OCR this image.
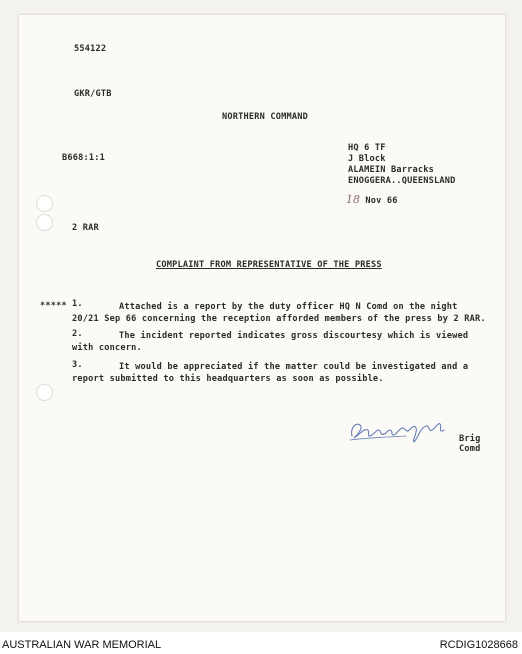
554122
GKR/GTB
NORTHERN COMMAND
B668:1:1
HQ 6 TF
J Block
ALAMEIN Barracks
ENOGGERA..QUEENSLAND
18 Nov 66
2 RAR
COMPLAINT FROM REPRESENTATIVE OF THE PRESS
***** 1.	Attached is a report by the duty officer HQ N Comd on the night
20/21 Sep 66 concerning the reception afforded members of the press by 2 RAR.
2.	The incident reported indicates gross discourtesy which is viewed
with concern.
3.	It would be appreciated if the matter could be investigated and a
report submitted to this headquarters as soon as possible.
Brig
Comd
AUSTRALIAN WAR MEMORIAL	RCDIG1028668
